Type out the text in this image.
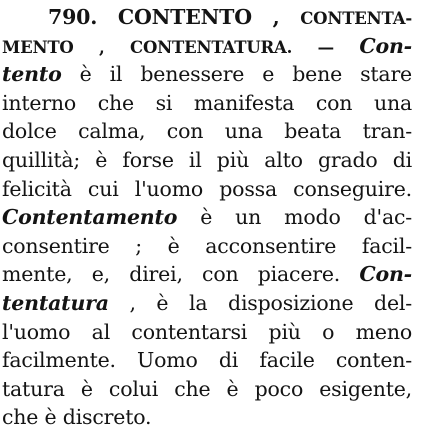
790. CONTENTO , CONTENTA-
MENTO , CONTENTATURA. — Con-
tento è il benessere e bene stare
interno che si manifesta con una
dolce calma, con una beata tran-
quillità; è forse il più alto grado di
felicità cui l'uomo possa conseguire.
Contentamento è un modo d'ac-
consentire ; è acconsentire facil-
mente, e, direi, con piacere. Con-
tentatura , è la disposizione del-
l'uomo al contentarsi più o meno
facilmente. Uomo di facile conten-
tatura è colui che è poco esigente,
che è discreto.
